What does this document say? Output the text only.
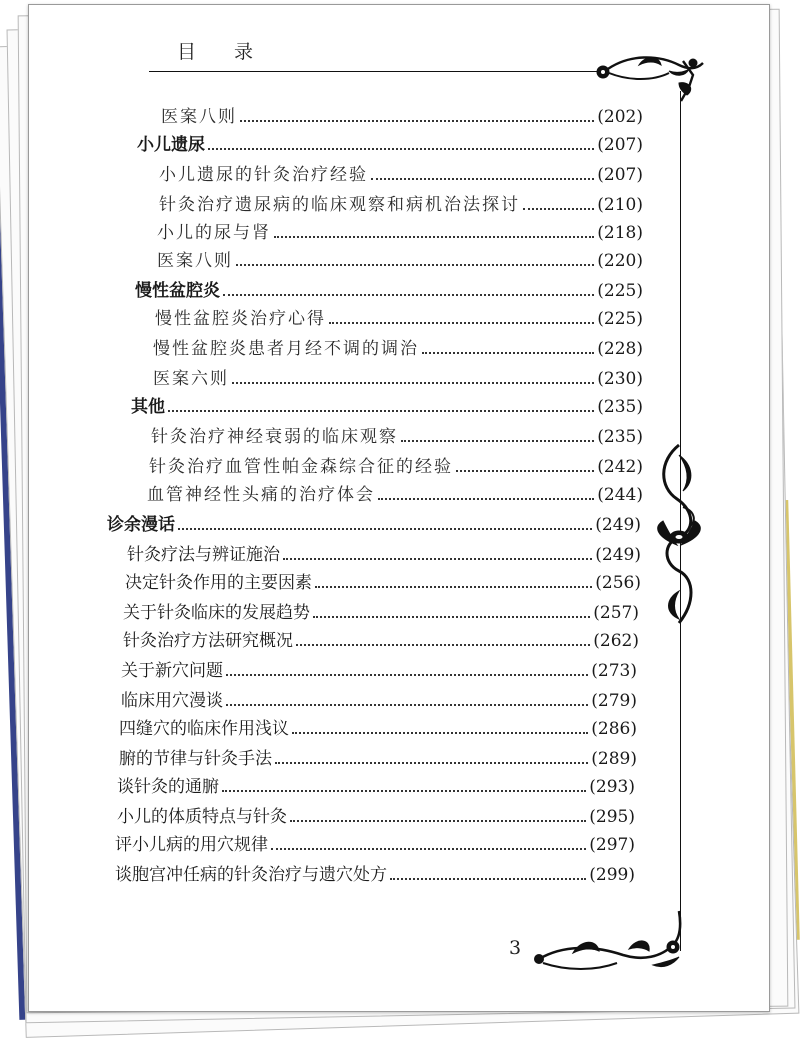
目 录
3
医案八则	(202)
小儿遗尿	(207)
小儿遗尿的针灸治疗经验	(207)
针灸治疗遗尿病的临床观察和病机治法探讨	(210)
小儿的尿与肾	(218)
医案八则	(220)
慢性盆腔炎	(225)
慢性盆腔炎治疗心得	(225)
慢性盆腔炎患者月经不调的调治	(228)
医案六则	(230)
其他	(235)
针灸治疗神经衰弱的临床观察	(235)
针灸治疗血管性帕金森综合征的经验	(242)
血管神经性头痛的治疗体会	(244)
诊余漫话	(249)
针灸疗法与辨证施治	(249)
决定针灸作用的主要因素	(256)
关于针灸临床的发展趋势	(257)
针灸治疗方法研究概况	(262)
关于新穴问题	(273)
临床用穴漫谈	(279)
四缝穴的临床作用浅议	(286)
腑的节律与针灸手法	(289)
谈针灸的通腑	(293)
小儿的体质特点与针灸	(295)
评小儿病的用穴规律	(297)
谈胞宫冲任病的针灸治疗与遗穴处方	(299)
